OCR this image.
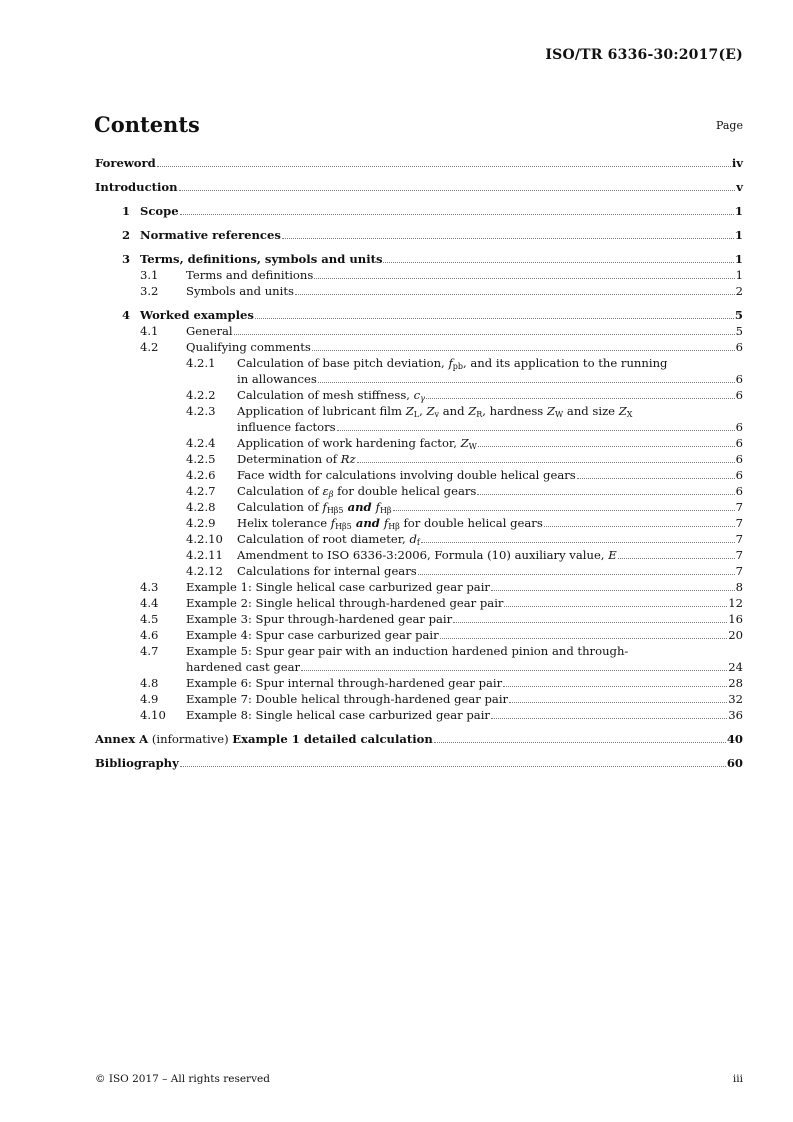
ISO/TR 6336-30:2017(E)
Contents	Page
Foreword	iv
Introduction	v
1 Scope	1
2 Normative references	1
3 Terms, definitions, symbols and units	1
3.1 Terms and definitions	1
3.2 Symbols and units	2
4 Worked examples	5
4.1 General	5
4.2 Qualifying comments	6
4.2.1 Calculation of base pitch deviation, $f_{pb}$, and its application to the running
in allowances	6
4.2.2 Calculation of mesh stiffness, $c_\gamma$	6
4.2.3 Application of lubricant film $Z_L$, $Z_v$ and $Z_R$, hardness $Z_W$ and size $Z_X$
influence factors	6
4.2.4 Application of work hardening factor, $Z_W$	6
4.2.5 Determination of Rz	6
4.2.6 Face width for calculations involving double helical gears	6
4.2.7 Calculation of $\varepsilon_\beta$ for double helical gears	6
4.2.8 Calculation of $f_{H\beta 5}$ and $f_{H\beta}$	7
4.2.9 Helix tolerance $f_{H\beta 5}$ and $f_{H\beta}$ for double helical gears	7
4.2.10 Calculation of root diameter, $d_f$	7
4.2.11 Amendment to ISO 6336-3:2006, Formula (10) auxiliary value, E	7
4.2.12 Calculations for internal gears	7
4.3 Example 1: Single helical case carburized gear pair	8
4.4 Example 2: Single helical through-hardened gear pair	12
4.5 Example 3: Spur through-hardened gear pair	16
4.6 Example 4: Spur case carburized gear pair	20
4.7 Example 5: Spur gear pair with an induction hardened pinion and through-
hardened cast gear	24
4.8 Example 6: Spur internal through-hardened gear pair	28
4.9 Example 7: Double helical through-hardened gear pair	32
4.10 Example 8: Single helical case carburized gear pair	36
Annex A (informative) Example 1 detailed calculation	40
Bibliography	60
© ISO 2017 – All rights reserved	iii
